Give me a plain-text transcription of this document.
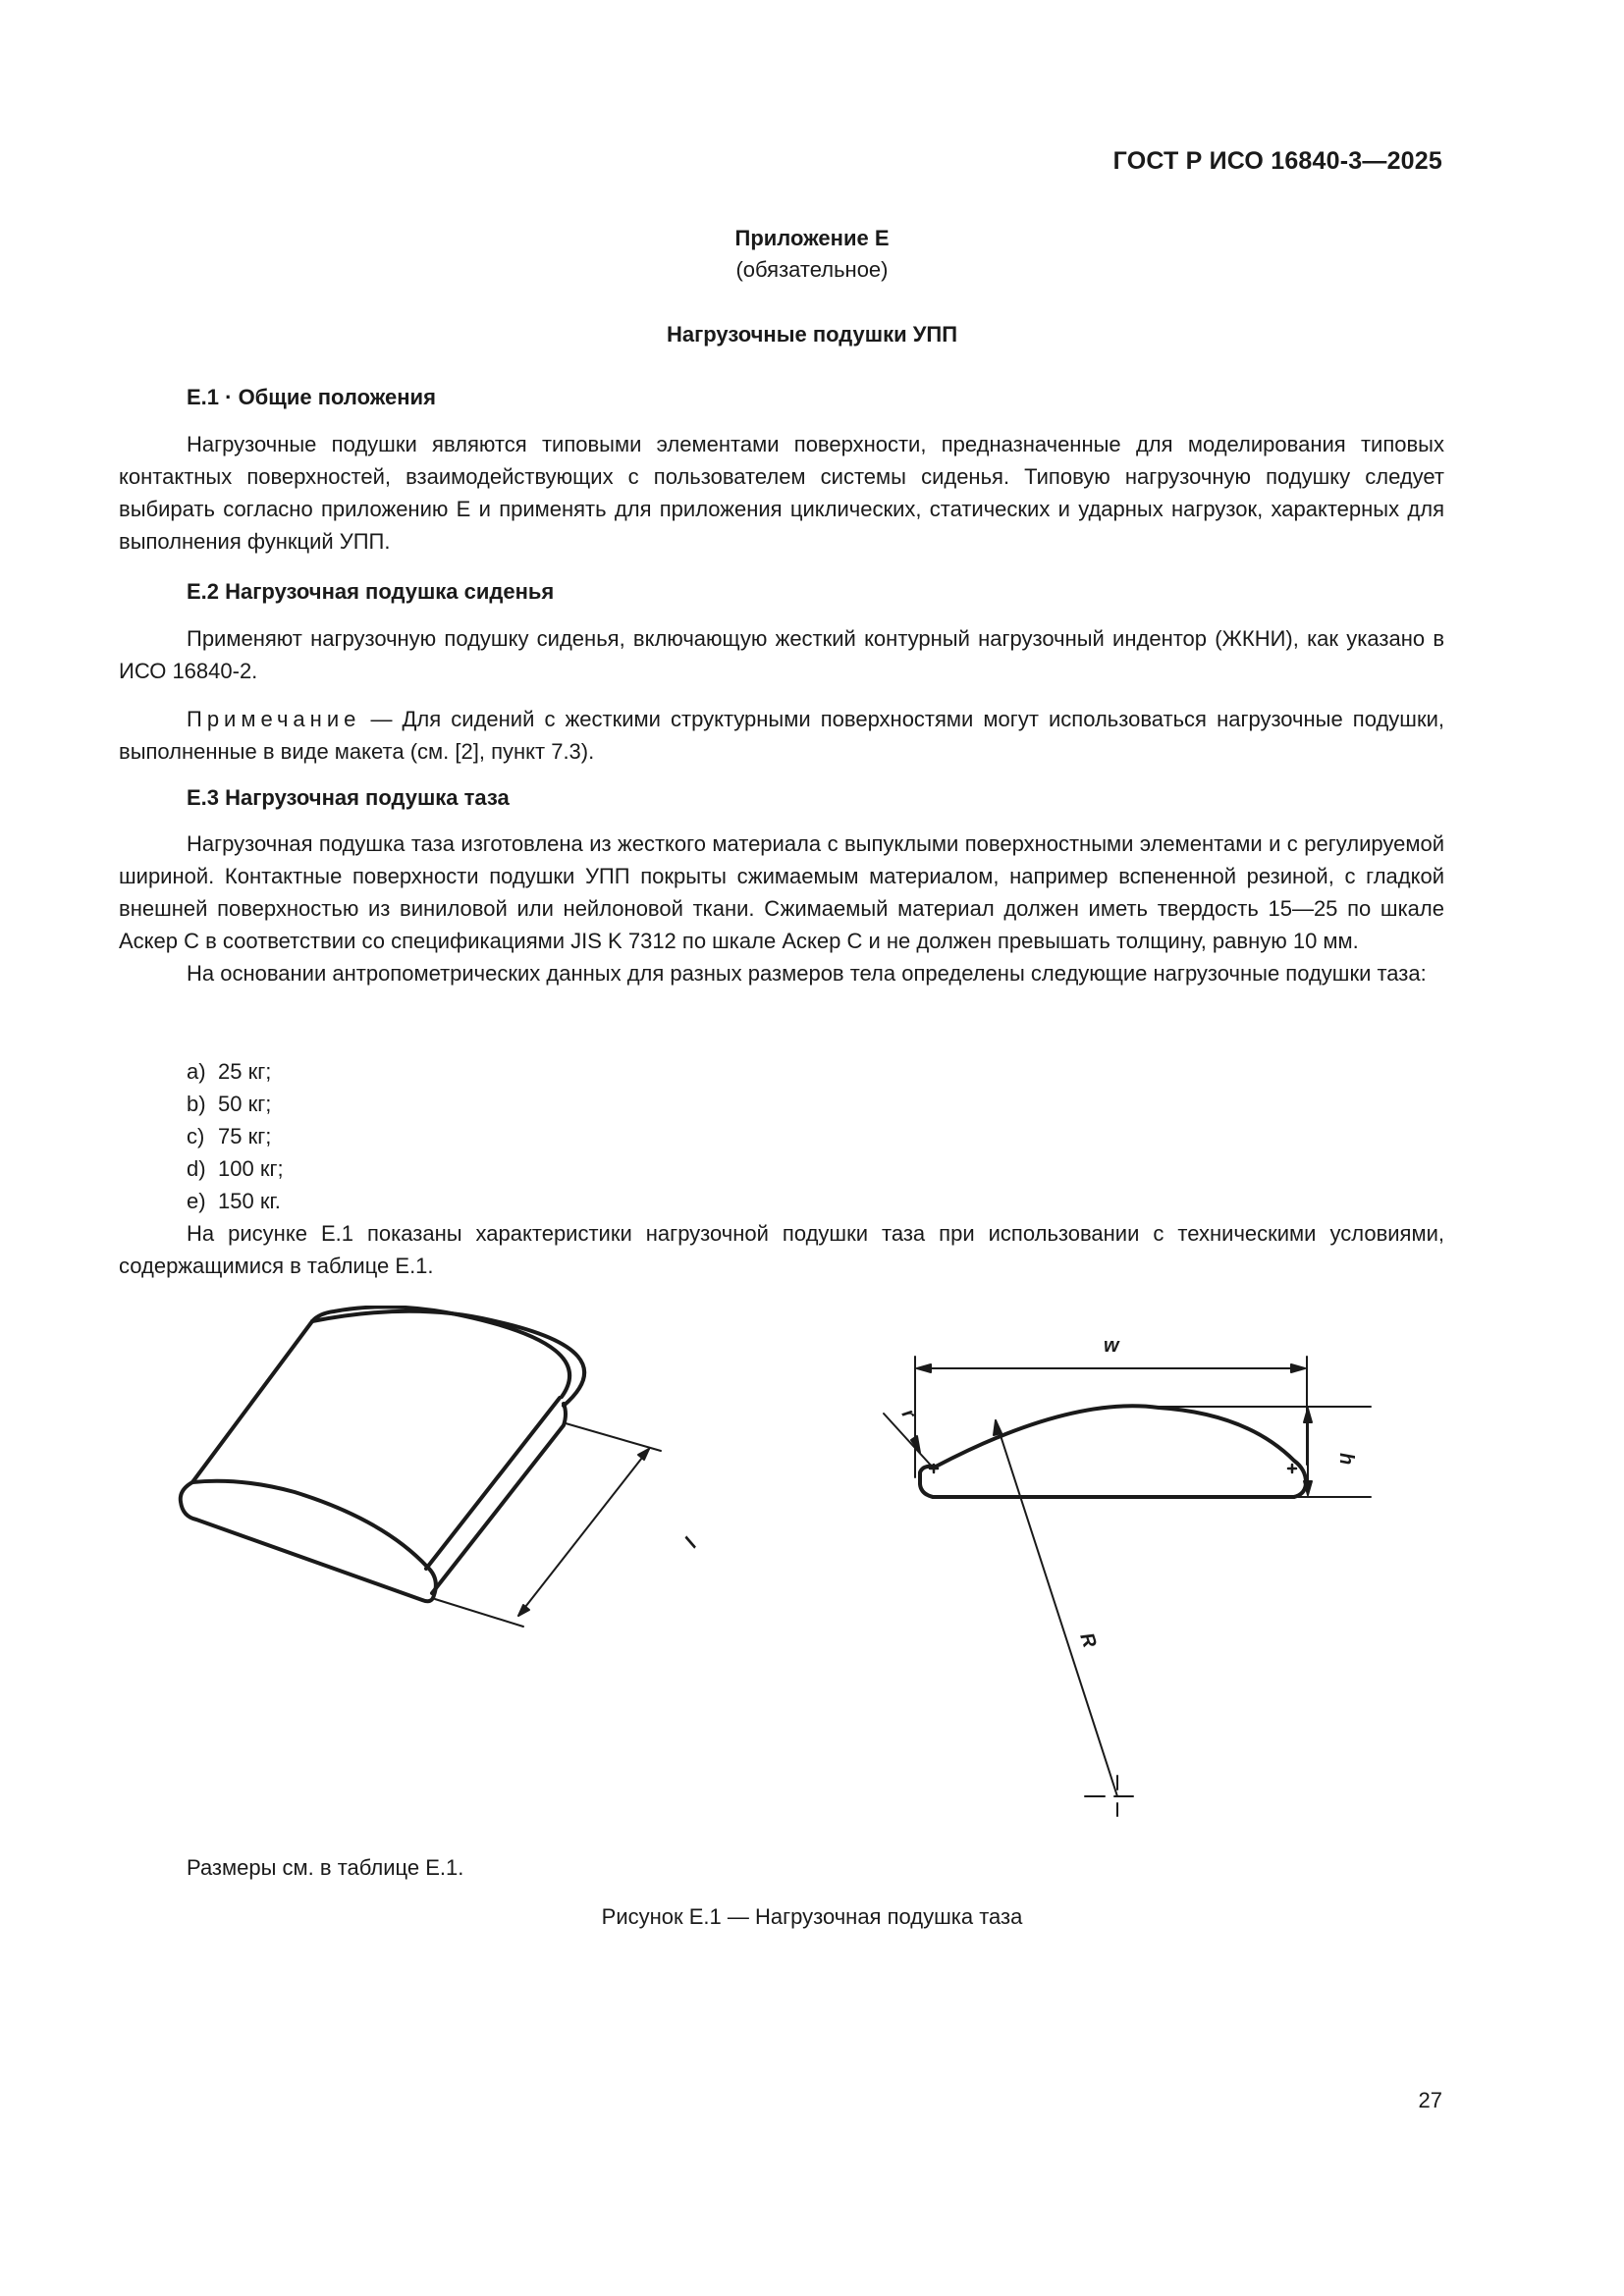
ГОСТ Р ИСО 16840-3—2025
Приложение Е
(обязательное)
Нагрузочные подушки УПП
Е.1 · Общие положения

Нагрузочные подушки являются типовыми элементами поверхности, предназначенные для моделирования типовых контактных поверхностей, взаимодействующих с пользователем системы сиденья. Типовую нагрузочную подушку следует выбирать согласно приложению Е и применять для приложения циклических, статических и ударных нагрузок, характерных для выполнения функций УПП.

Е.2 Нагрузочная подушка сиденья

Применяют нагрузочную подушку сиденья, включающую жесткий контурный нагрузочный индентор (ЖКНИ), как указано в ИСО 16840-2.

Примечание — Для сидений с жесткими структурными поверхностями могут использоваться нагрузочные подушки, выполненные в виде макета (см. [2], пункт 7.3).

Е.3 Нагрузочная подушка таза

Нагрузочная подушка таза изготовлена из жесткого материала с выпуклыми поверхностными элементами и с регулируемой шириной. Контактные поверхности подушки УПП покрыты сжимаемым материалом, например вспененной резиной, с гладкой внешней поверхностью из виниловой или нейлоновой ткани. Сжимаемый материал должен иметь твердость 15—25 по шкале Аскер С в соответствии со спецификациями JIS K 7312 по шкале Аскер С и не должен превышать толщину, равную 10 мм.

На основании антропометрических данных для разных размеров тела определены следующие нагрузочные подушки таза:

a) 25 кг;
b) 50 кг;
c) 75 кг;
d) 100 кг;
e) 150 кг.

На рисунке Е.1 показаны характеристики нагрузочной подушки таза при использовании с техническими условиями, содержащимися в таблице Е.1.

l
w
h
r
R
Размеры см. в таблице Е.1.
Рисунок Е.1 — Нагрузочная подушка таза
27
